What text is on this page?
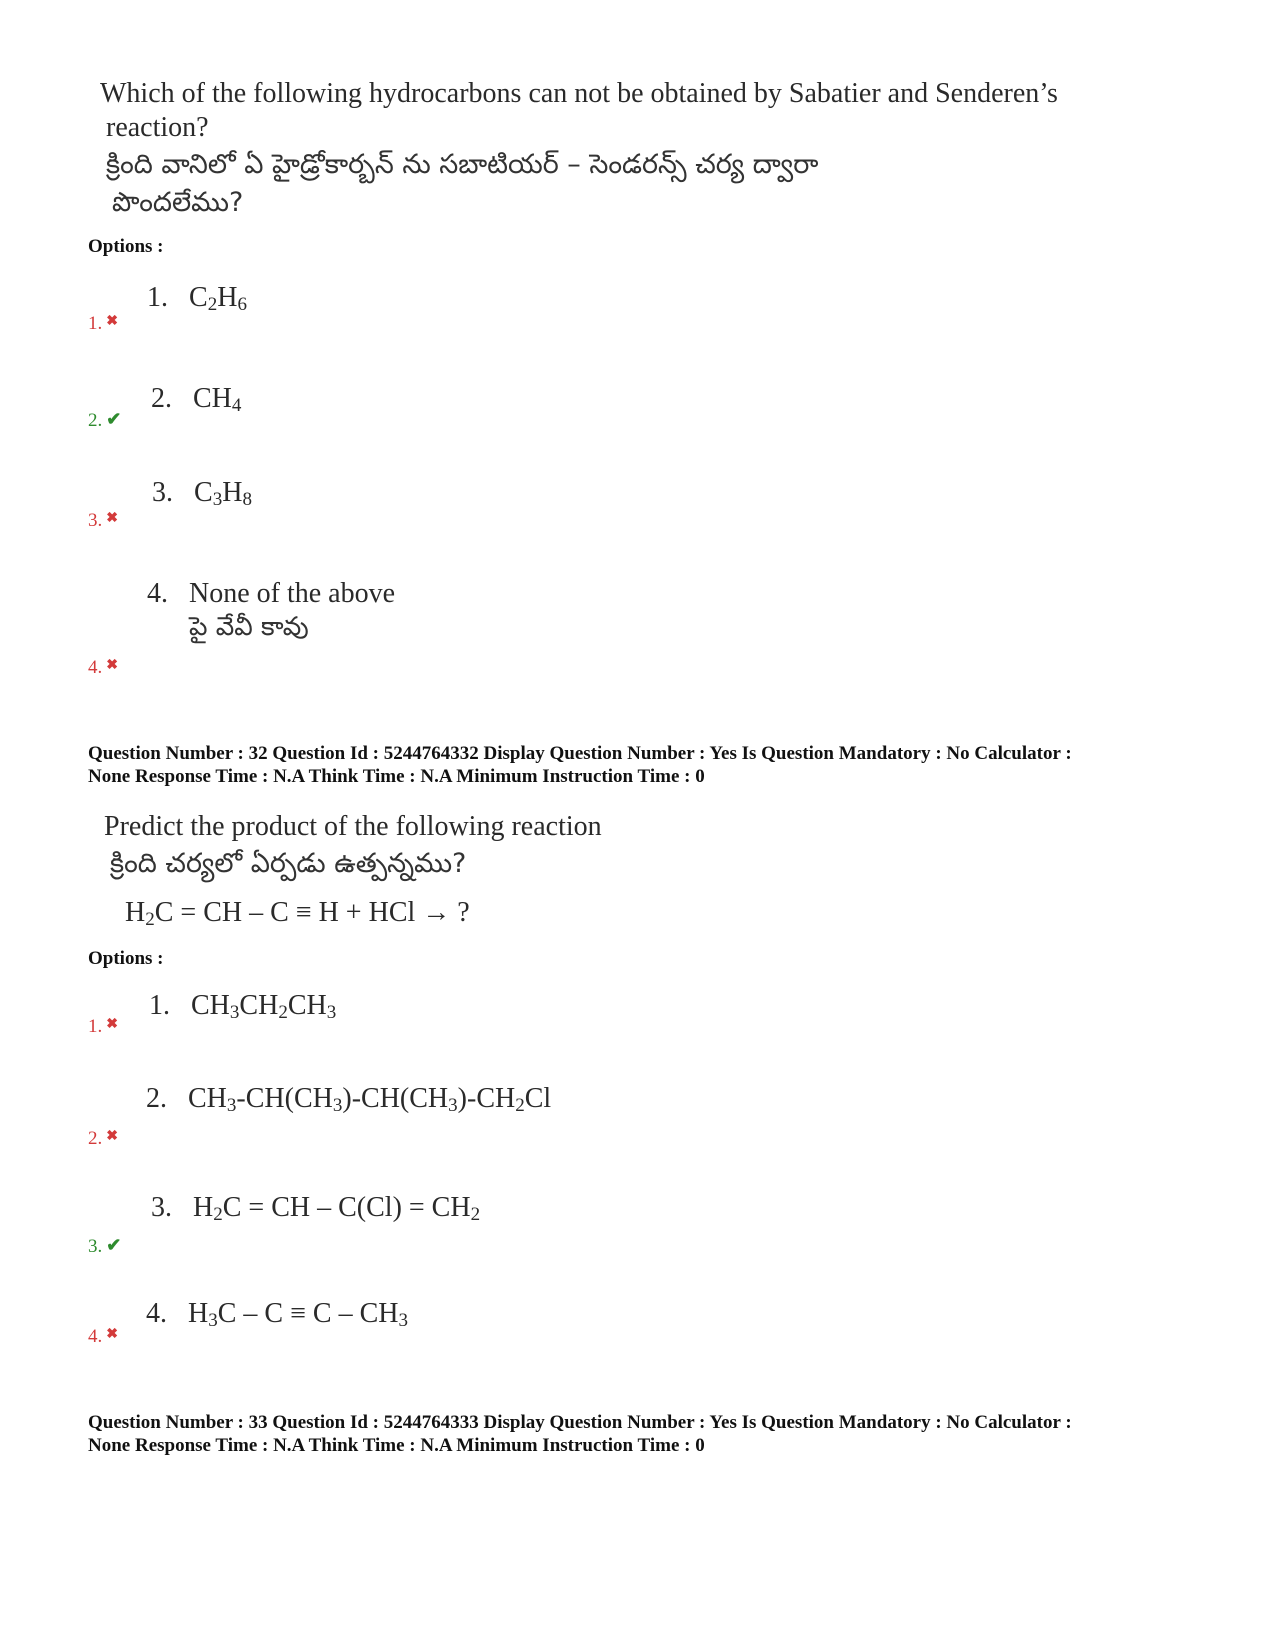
Which of the following hydrocarbons can not be obtained by Sabatier and Senderen’s
reaction?
క్రింది వానిలో ఏ హైడ్రోకార్బన్ ను సబాటియర్ – సెండరన్స్ చర్య ద్వారా
పొందలేము?
Options :
1. $C_2H_6$
1. ✖
2. $CH_4$
2. ✔
3. $C_3H_8$
3. ✖
4. None of the above
పై వేవీ కావు
4. ✖
Question Number : 32 Question Id : 5244764332 Display Question Number : Yes Is Question Mandatory : No Calculator :
None Response Time : N.A Think Time : N.A Minimum Instruction Time : 0
Predict the product of the following reaction
క్రింది చర్యలో ఏర్పడు ఉత్పన్నము?
$H_2C$ = CH – C ≡ H + HCl → ?
Options :
1. $CH_3CH_2CH_3$
1. ✖
2. $CH_3-CH(CH_3)-CH(CH_3)-CH_2Cl$
2. ✖
3. $H_2C$ = CH – $C(Cl) = CH_2$
3. ✔
4. $H_3C - C \equiv C - CH_3$
4. ✖
Question Number : 33 Question Id : 5244764333 Display Question Number : Yes Is Question Mandatory : No Calculator :
None Response Time : N.A Think Time : N.A Minimum Instruction Time : 0
